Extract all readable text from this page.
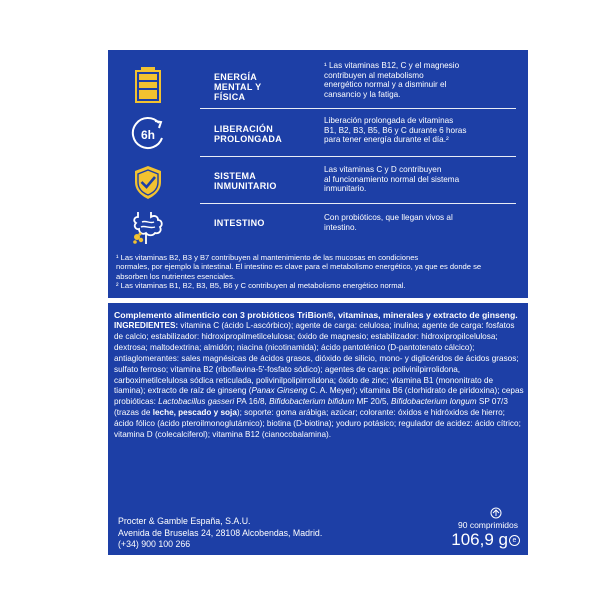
ENERGÍA
MENTAL Y
FÍSICA
¹ Las vitaminas B12, C y el magnesio
contribuyen al metabolismo
energético normal y a disminuir el
cansancio y la fatiga.
6h	LIBERACIÓN
PROLONGADA
Liberación prolongada de vitaminas
B1, B2, B3, B5, B6 y C durante 6 horas
para tener energía durante el día.²
SISTEMA
INMUNITARIO
Las vitaminas C y D contribuyen
al funcionamiento normal del sistema
inmunitario.
INTESTINO
Con probióticos, que llegan vivos al
intestino.
¹ Las vitaminas B2, B3 y B7 contribuyen al mantenimiento de las mucosas en condiciones
normales, por ejemplo la intestinal. El intestino es clave para el metabolismo energético, ya que es donde se
absorben los nutrientes esenciales.
² Las vitaminas B1, B2, B3, B5, B6 y C contribuyen al metabolismo energético normal.
Complemento alimenticio con 3 probióticos TriBion®, vitaminas, minerales y extracto de ginseng.
INGREDIENTES: vitamina C (ácido L-ascórbico); agente de carga: celulosa; inulina; agente de carga: fosfatos de calcio; estabilizador: hidroxipropilmetilcelulosa; óxido de magnesio; estabilizador: hidroxipropilcelulosa; dextrosa; maltodextrina; almidón; niacina (nicotinamida); ácido pantoténico (D-pantotenato cálcico); antiaglomerantes: sales magnésicas de ácidos grasos, dióxido de silicio, mono- y diglicéridos de ácidos grasos; sulfato ferroso; vitamina B2 (riboflavina-5'-fosfato sódico); agentes de carga: polivinilpirrolidona, carboximetilcelulosa sódica reticulada, polivinilpolipirrolidona; óxido de zinc; vitamina B1 (mononitrato de tiamina); extracto de raíz de ginseng (Panax Ginseng C. A. Meyer); vitamina B6 (clorhidrato de piridoxina); cepas probióticas: Lactobacillus gasseri PA 16/8, Bifidobacterium bifidum MF 20/5, Bifidobacterium longum SP 07/3 (trazas de leche, pescado y soja); soporte: goma arábiga; azúcar; colorante: óxidos e hidróxidos de hierro; ácido fólico (ácido pteroilmonoglutámico); biotina (D-biotina); yoduro potásico; regulador de acidez: ácido cítrico; vitamina D (colecalciferol); vitamina B12 (cianocobalamina).
Procter & Gamble España, S.A.U.
Avenida de Bruselas 24, 28108 Alcobendas, Madrid.
(+34) 900 100 266
90 comprimidos
106,9 g e
